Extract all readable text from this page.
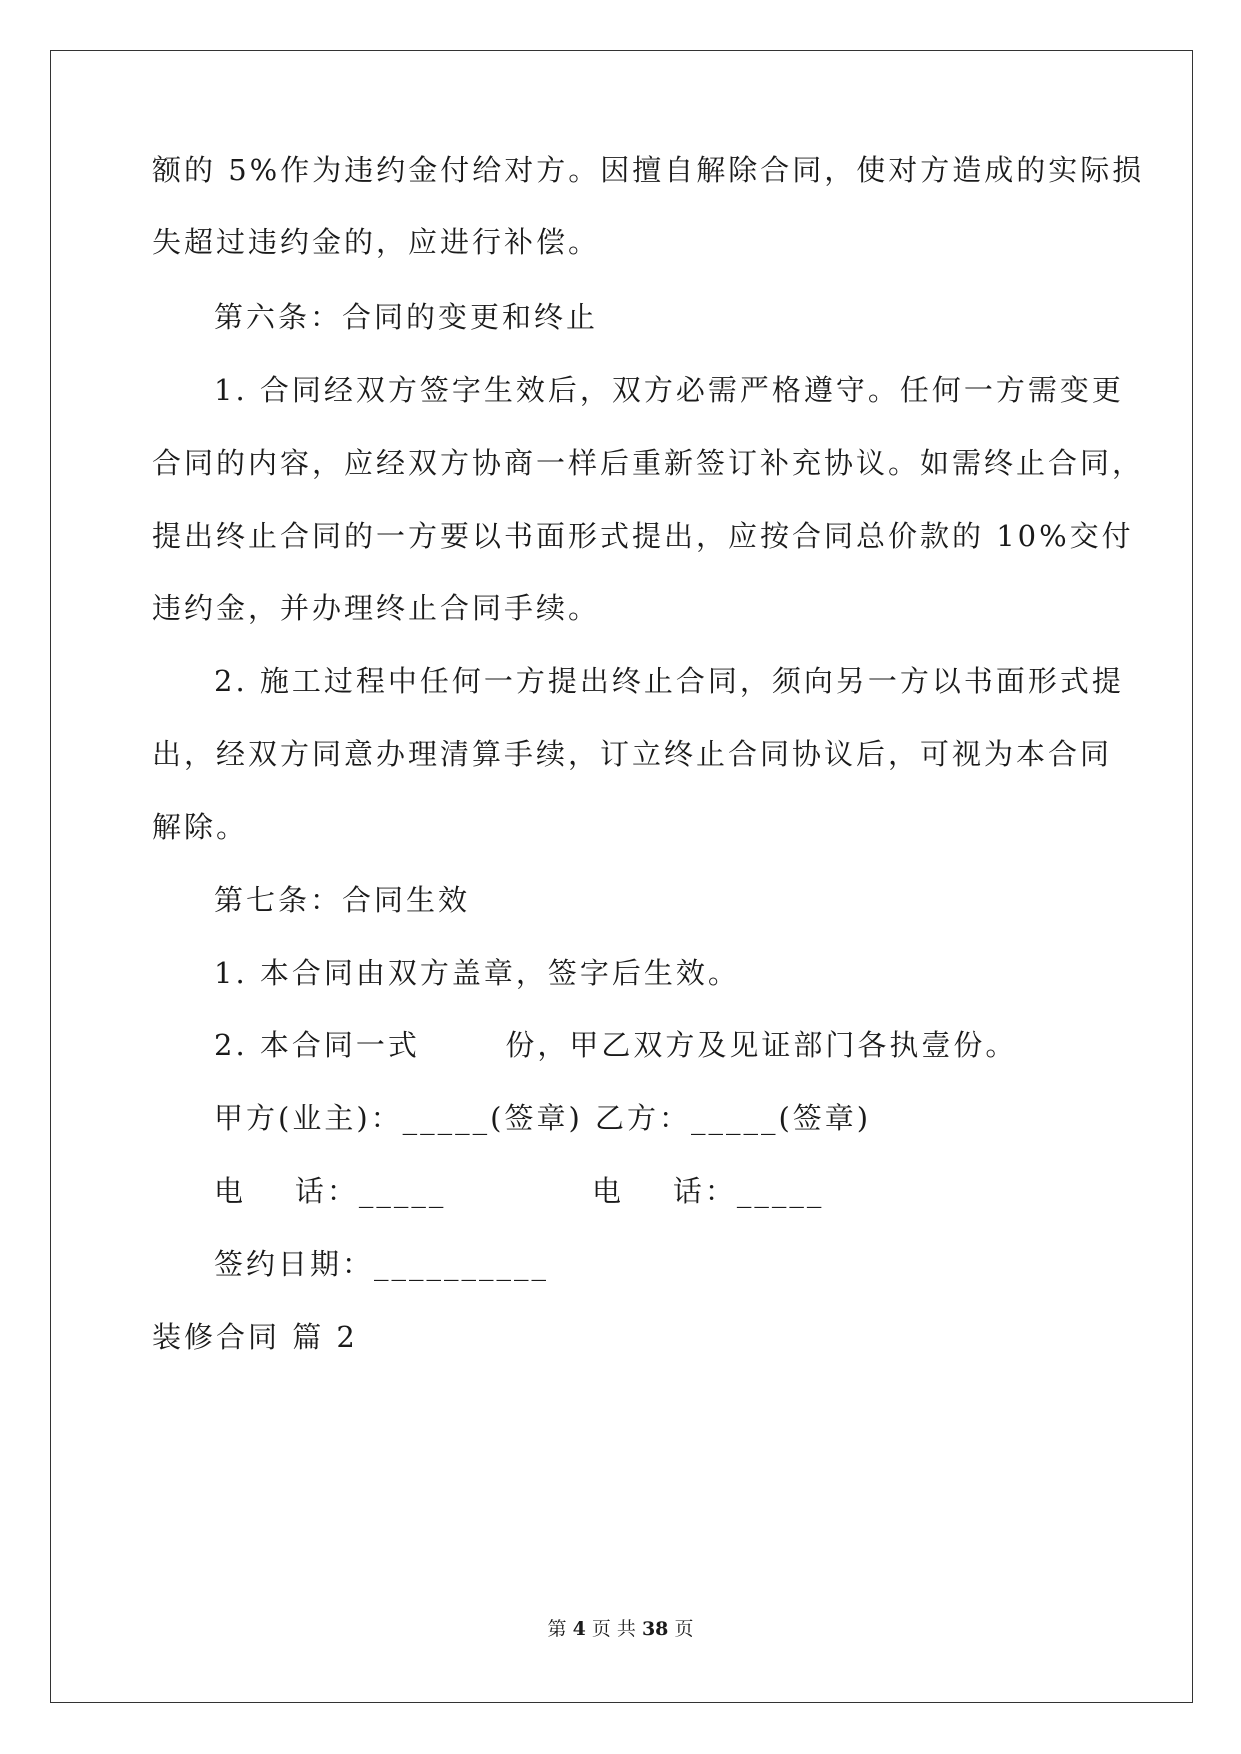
额的 5%作为违约金付给对方。因擅自解除合同，使对方造成的实际损
失超过违约金的，应进行补偿。
第六条：合同的变更和终止
1. 合同经双方签字生效后，双方必需严格遵守。任何一方需变更
合同的内容，应经双方协商一样后重新签订补充协议。如需终止合同，
提出终止合同的一方要以书面形式提出，应按合同总价款的 10%交付
违约金，并办理终止合同手续。
2. 施工过程中任何一方提出终止合同，须向另一方以书面形式提
出，经双方同意办理清算手续，订立终止合同协议后，可视为本合同
解除。
第七条：合同生效
1. 本合同由双方盖章，签字后生效。
2. 本合同一式       份，甲乙双方及见证部门各执壹份。
甲方(业主)：_____(签章) 乙方：_____(签章)
电    话：_____	电    话：_____
签约日期：__________
装修合同 篇 2
第 4 页 共 38 页
